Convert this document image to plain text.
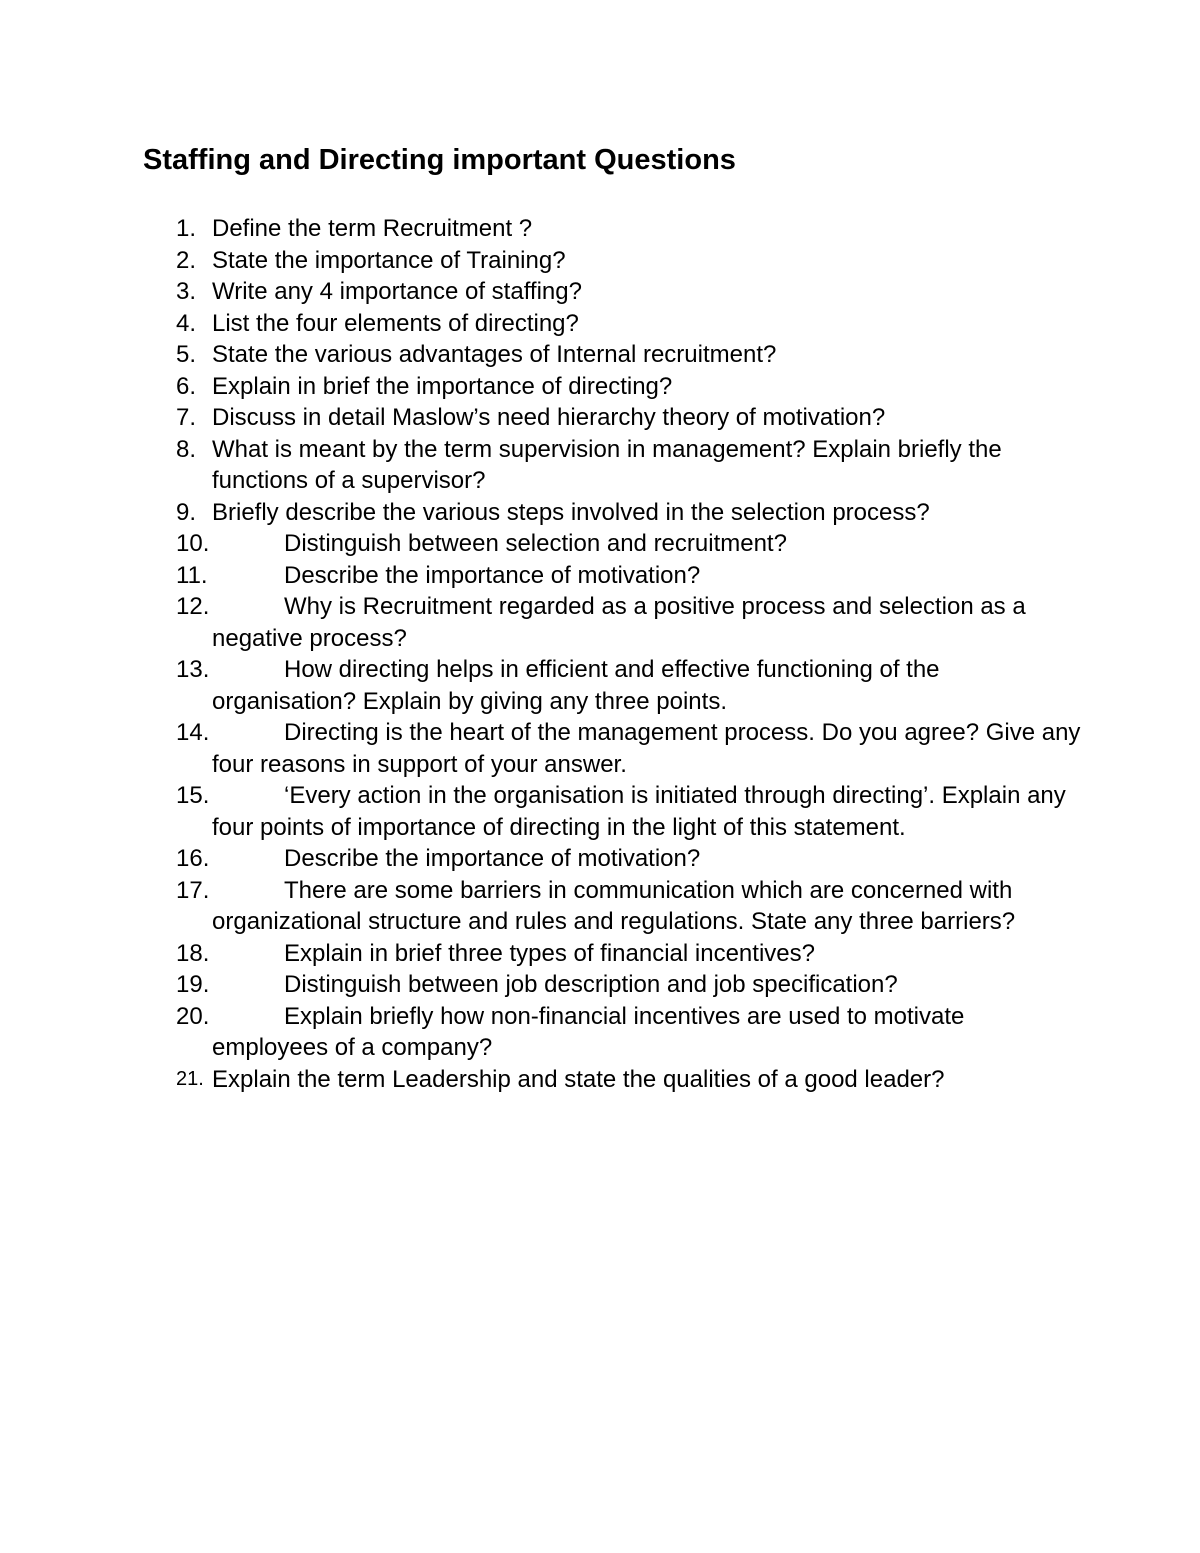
Staffing and Directing important Questions
1. Define the term Recruitment ?
2. State the importance of Training?
3. Write any 4 importance of staffing?
4. List the four elements of directing?
5. State the various advantages of Internal recruitment?
6. Explain in brief the importance of directing?
7. Discuss in detail Maslow’s need hierarchy theory of motivation?
8. What is meant by the term supervision in management? Explain briefly the functions of a supervisor?
9. Briefly describe the various steps involved in the selection process?
10.	Distinguish between selection and recruitment?
11.	Describe the importance of motivation?
12.	Why is Recruitment regarded as a positive process and selection as a negative process?
13.	How directing helps in efficient and effective functioning of the organisation? Explain by giving any three points.
14.	Directing is the heart of the management process. Do you agree? Give any four reasons in support of your answer.
15.	‘Every action in the organisation is initiated through directing’. Explain any four points of importance of directing in the light of this statement.
16.	Describe the importance of motivation?
17.	There are some barriers in communication which are concerned with organizational structure and rules and regulations. State any three barriers?
18.	Explain in brief three types of financial incentives?
19.	Distinguish between job description and job specification?
20.	Explain briefly how non-financial incentives are used to motivate employees of a company?
21. Explain the term Leadership and state the qualities of a good leader?
